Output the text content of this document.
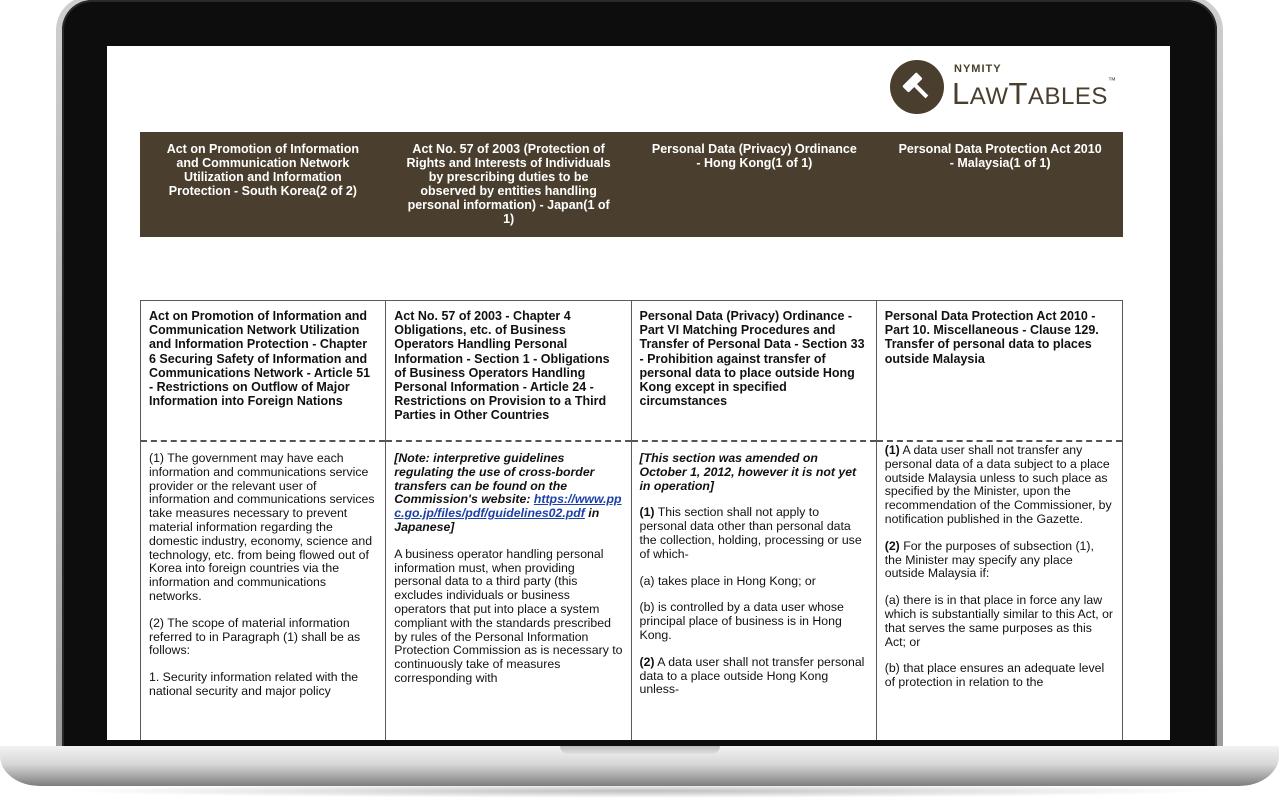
NYMITY
LAWTABLES™
Act on Promotion of Information and Communication Network Utilization and Information Protection - South Korea(2 of 2)
Act No. 57 of 2003 (Protection of Rights and Interests of Individuals by prescribing duties to be observed by entities handling personal information) - Japan(1 of 1)
Personal Data (Privacy) Ordinance - Hong Kong(1 of 1)
Personal Data Protection Act 2010 - Malaysia(1 of 1)
Act on Promotion of Information and Communication Network Utilization and Information Protection - Chapter 6 Securing Safety of Information and Communications Network - Article 51 - Restrictions on Outflow of Major Information into Foreign Nations

(1) The government may have each information and communications service provider or the relevant user of information and communications services take measures necessary to prevent material information regarding the domestic industry, economy, science and technology, etc. from being flowed out of Korea into foreign countries via the information and communications networks.

(2) The scope of material information referred to in Paragraph (1) shall be as follows:

1. Security information related with the national security and major policy

Act No. 57 of 2003 - Chapter 4 Obligations, etc. of Business Operators Handling Personal Information - Section 1 - Obligations of Business Operators Handling Personal Information - Article 24 - Restrictions on Provision to a Third Parties in Other Countries

[Note: interpretive guidelines regulating the use of cross-border transfers can be found on the Commission's website: https://www.ppc.go.jp/files/pdf/guidelines02.pdf in Japanese]

A business operator handling personal information must, when providing personal data to a third party (this excludes individuals or business operators that put into place a system compliant with the standards prescribed by rules of the Personal Information Protection Commission as is necessary to continuously take of measures corresponding with

Personal Data (Privacy) Ordinance - Part VI Matching Procedures and Transfer of Personal Data - Section 33 - Prohibition against transfer of personal data to place outside Hong Kong except in specified circumstances

[This section was amended on October 1, 2012, however it is not yet in operation]

(1) This section shall not apply to personal data other than personal data the collection, holding, processing or use of which-

(a) takes place in Hong Kong; or

(b) is controlled by a data user whose principal place of business is in Hong Kong.

(2) A data user shall not transfer personal data to a place outside Hong Kong unless-

Personal Data Protection Act 2010 - Part 10. Miscellaneous - Clause 129. Transfer of personal data to places outside Malaysia

(1) A data user shall not transfer any personal data of a data subject to a place outside Malaysia unless to such place as specified by the Minister, upon the recommendation of the Commissioner, by notification published in the Gazette.

(2) For the purposes of subsection (1), the Minister may specify any place outside Malaysia if:

(a) there is in that place in force any law which is substantially similar to this Act, or that serves the same purposes as this Act; or

(b) that place ensures an adequate level of protection in relation to the
